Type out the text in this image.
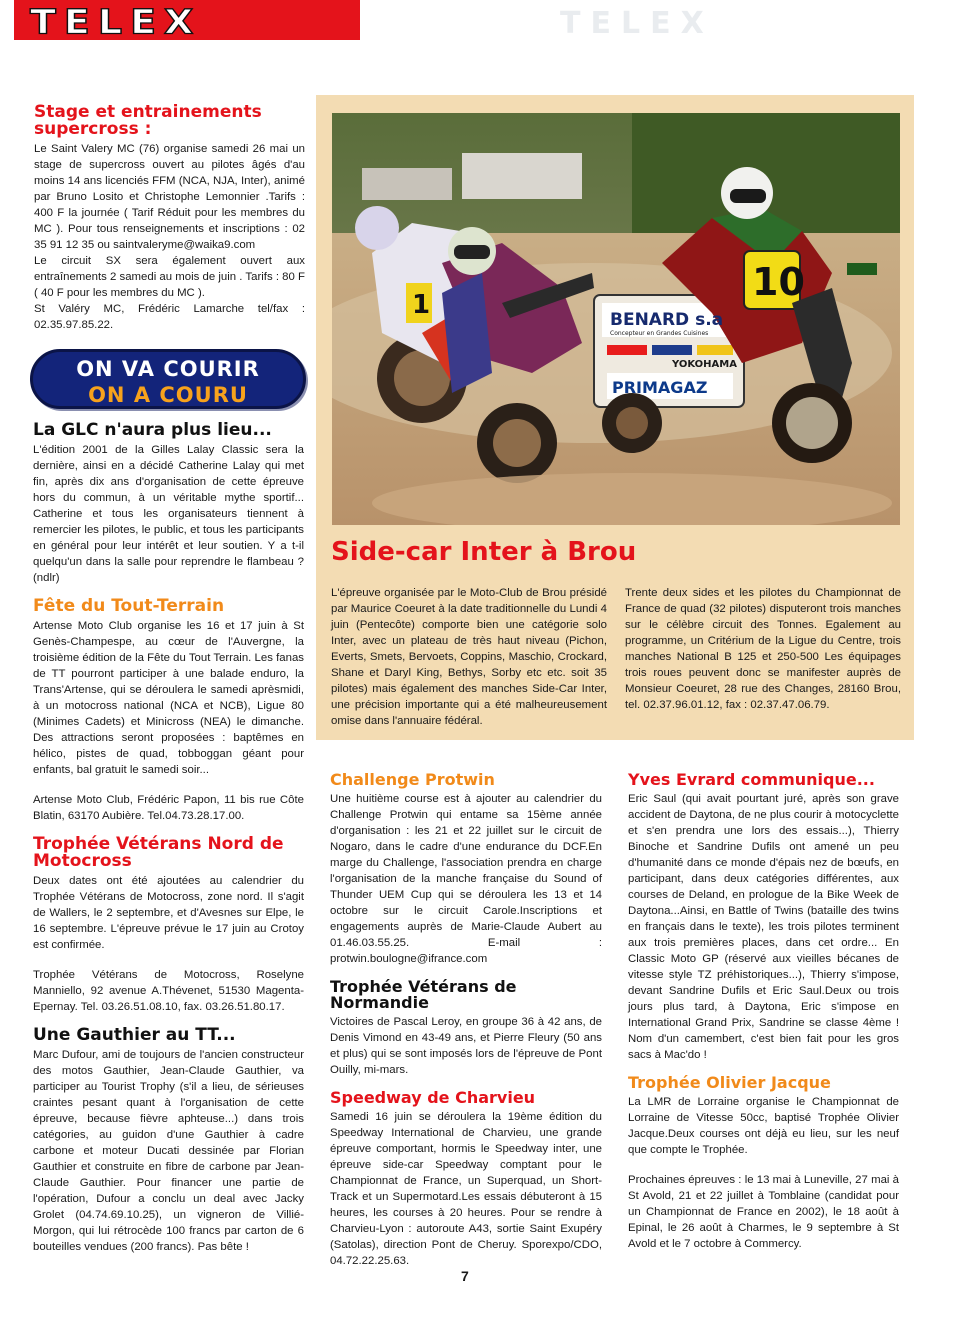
TELEX	TELEX
Stage et entrainements supercross :

Le Saint Valery MC (76) organise samedi 26 mai un stage de supercross ouvert au pilotes âgés d'au moins 14 ans licenciés FFM (NCA, NJA, Inter), animé par Bruno Losito et Christophe Lemonnier .Tarifs : 400 F la journée ( Tarif Réduit pour les membres du MC ). Pour tous renseignements et inscriptions : 02 35 91 12 35 ou saintvaleryme@waika9.com

Le circuit SX sera également ouvert aux entraînements 2 samedi au mois de juin . Tarifs : 80 F ( 40 F pour les membres du MC ).

St Valéry MC, Frédéric Lamarche tel/fax : 02.35.97.85.22.

ON VA COURIR
ON A COURU
La GLC n'aura plus lieu...

L'édition 2001 de la Gilles Lalay Classic sera la dernière, ainsi en a décidé Catherine Lalay qui met fin, après dix ans d'organisation de cette épreuve hors du commun, à un véritable mythe sportif... Catherine et tous les organisateurs tiennent à remercier les pilotes, le public, et tous les participants en général pour leur intérêt et leur soutien. Y a t-il quelqu'un dans la salle pour reprendre le flambeau ? (ndlr)

Fête du Tout-Terrain

Artense Moto Club organise les 16 et 17 juin à St Genès-Champespe, au cœur de l'Auvergne, la troisième édition de la Fête du Tout Terrain. Les fanas de TT pourront participer à une balade enduro, la Trans'Artense, qui se déroulera le samedi aprèsmidi, à un motocross national (NCA et NCB), Ligue 80 (Minimes Cadets) et Minicross (NEA) le dimanche. Des attractions seront proposées : baptêmes en hélico, pistes de quad, tobboggan géant pour enfants, bal gratuit le samedi soir...

Artense Moto Club, Frédéric Papon, 11 bis rue Côte Blatin, 63170 Aubière. Tel.04.73.28.17.00.

Trophée Vétérans Nord de Motocross

Deux dates ont été ajoutées au calendrier du Trophée Vétérans de Motocross, zone nord. Il s'agit de Wallers, le 2 septembre, et d'Avesnes sur Elpe, le 16 septembre. L'épreuve prévue le 17 juin au Crotoy est confirmée.

Trophée Vétérans de Motocross, Roselyne Manniello, 92 avenue A.Thévenet, 51530 Magenta-Epernay. Tel. 03.26.51.08.10, fax. 03.26.51.80.17.

Une Gauthier au TT...

Marc Dufour, ami de toujours de l'ancien constructeur des motos Gauthier, Jean-Claude Gauthier, va participer au Tourist Trophy (s'il a lieu, de sérieuses craintes pesant quant à l'organisation de cette épreuve, because fièvre aphteuse...) dans trois catégories, au guidon d'une Gauthier à cadre carbone et moteur Ducati dessinée par Florian Gauthier et construite en fibre de carbone par Jean-Claude Gauthier. Pour financer une partie de l'opération, Dufour a conclu un deal avec Jacky Grolet (04.74.69.10.25), un vigneron de Villié-Morgon, qui lui rétrocède 100 francs par carton de 6 bouteilles vendues (200 francs). Pas bête !

BENARD s.a
Concepteur en Grandes Cuisines
YOKOHAMA
PRIMAGAZ
10
1
Side-car Inter à Brou

L'épreuve organisée par le Moto-Club de Brou présidé par Maurice Coeuret à la date traditionnelle du Lundi 4 juin (Pentecôte) comporte bien une catégorie solo Inter, avec un plateau de très haut niveau (Pichon, Everts, Smets, Bervoets, Coppins, Maschio, Crockard, Shane et Daryl King, Bethys, Sorby etc etc. soit 35 pilotes) mais également des manches Side-Car Inter, une précision importante qui a été malheureusement omise dans l'annuaire fédéral.

Trente deux sides et les pilotes du Championnat de France de quad (32 pilotes) disputeront trois manches sur le célèbre circuit des Tonnes. Egalement au programme, un Critérium de la Ligue du Centre, trois manches National B 125 et 250-500 Les équipages trois roues peuvent donc se manifester auprès de Monsieur Coeuret, 28 rue des Changes, 28160 Brou, tel. 02.37.96.01.12, fax : 02.37.47.06.79.

Challenge Protwin

Une huitième course est à ajouter au calendrier du Challenge Protwin qui entame sa 15ème année d'organisation : les 21 et 22 juillet sur le circuit de Nogaro, dans le cadre d'une endurance du DCF.En marge du Challenge, l'association prendra en charge l'organisation de la manche française du Sound of Thunder UEM Cup qui se déroulera les 13 et 14 octobre sur le circuit Carole.Inscriptions et engagements auprès de Marie-Claude Aubert au 01.46.03.55.25. E-mail : protwin.boulogne@ifrance.com

Trophée Vétérans de Normandie

Victoires de Pascal Leroy, en groupe 36 à 42 ans, de Denis Vimond en 43-49 ans, et Pierre Fleury (50 ans et plus) qui se sont imposés lors de l'épreuve de Pont Ouilly, mi-mars.

Speedway de Charvieu

Samedi 16 juin se déroulera la 19ème édition du Speedway International de Charvieu, une grande épreuve comportant, hormis le Speedway inter, une épreuve side-car Speedway comptant pour le Championnat de France, un Superquad, un Short-Track et un Supermotard.Les essais débuteront à 15 heures, les courses à 20 heures. Pour se rendre à Charvieu-Lyon : autoroute A43, sortie Saint Exupéry (Satolas), direction Pont de Cheruy. Sporexpo/CDO, 04.72.22.25.63.

Yves Evrard communique...

Eric Saul (qui avait pourtant juré, après son grave accident de Daytona, de ne plus courir à motocyclette et s'en prendra une lors des essais...), Thierry Binoche et Sandrine Dufils ont amené un peu d'humanité dans ce monde d'épais nez de bœufs, en participant, dans deux catégories différentes, aux courses de Deland, en prologue de la Bike Week de Daytona...Ainsi, en Battle of Twins (bataille des twins en français dans le texte), les trois pilotes terminent aux trois premières places, dans cet ordre... En Classic Moto GP (réservé aux vieilles bécanes de vitesse style TZ préhistoriques...), Thierry s'impose, devant Sandrine Dufils et Eric Saul.Deux ou trois jours plus tard, à Daytona, Eric s'impose en International Grand Prix, Sandrine se classe 4ème ! Nom d'un camembert, c'est bien fait pour les gros sacs à Mac'do !

Trophée Olivier Jacque

La LMR de Lorraine organise le Championnat de Lorraine de Vitesse 50cc, baptisé Trophée Olivier Jacque.Deux courses ont déjà eu lieu, sur les neuf que compte le Trophée.

Prochaines épreuves : le 13 mai à Luneville, 27 mai à St Avold, 21 et 22 juillet à Tomblaine (candidat pour un Championnat de France en 2002), le 18 août à Epinal, le 26 août à Charmes, le 9 septembre à St Avold et le 7 octobre à Commercy.

7
